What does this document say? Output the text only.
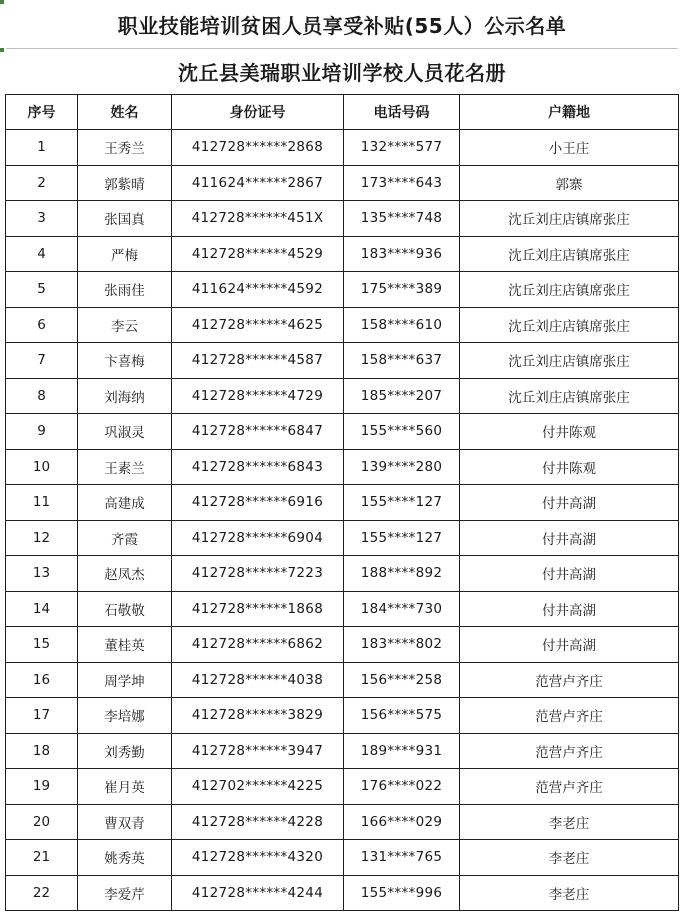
职业技能培训贫困人员享受补贴(55人）公示名单
沈丘县美瑞职业培训学校人员花名册
序号	姓名	身份证号	电话号码	户籍地
1	王秀兰	412728******2868	132****577	小王庄
2	郭紫晴	411624******2867	173****643	郭寨
3	张国真	412728******451X	135****748	沈丘刘庄店镇席张庄
4	严梅	412728******4529	183****936	沈丘刘庄店镇席张庄
5	张雨佳	411624******4592	175****389	沈丘刘庄店镇席张庄
6	李云	412728******4625	158****610	沈丘刘庄店镇席张庄
7	卞喜梅	412728******4587	158****637	沈丘刘庄店镇席张庄
8	刘海纳	412728******4729	185****207	沈丘刘庄店镇席张庄
9	巩淑灵	412728******6847	155****560	付井陈观
10	王素兰	412728******6843	139****280	付井陈观
11	高建成	412728******6916	155****127	付井高湖
12	齐霞	412728******6904	155****127	付井高湖
13	赵凤杰	412728******7223	188****892	付井高湖
14	石敬敬	412728******1868	184****730	付井高湖
15	董桂英	412728******6862	183****802	付井高湖
16	周学坤	412728******4038	156****258	范营卢齐庄
17	李培娜	412728******3829	156****575	范营卢齐庄
18	刘秀勤	412728******3947	189****931	范营卢齐庄
19	崔月英	412702******4225	176****022	范营卢齐庄
20	曹双青	412728******4228	166****029	李老庄
21	姚秀英	412728******4320	131****765	李老庄
22	李爱芹	412728******4244	155****996	李老庄
